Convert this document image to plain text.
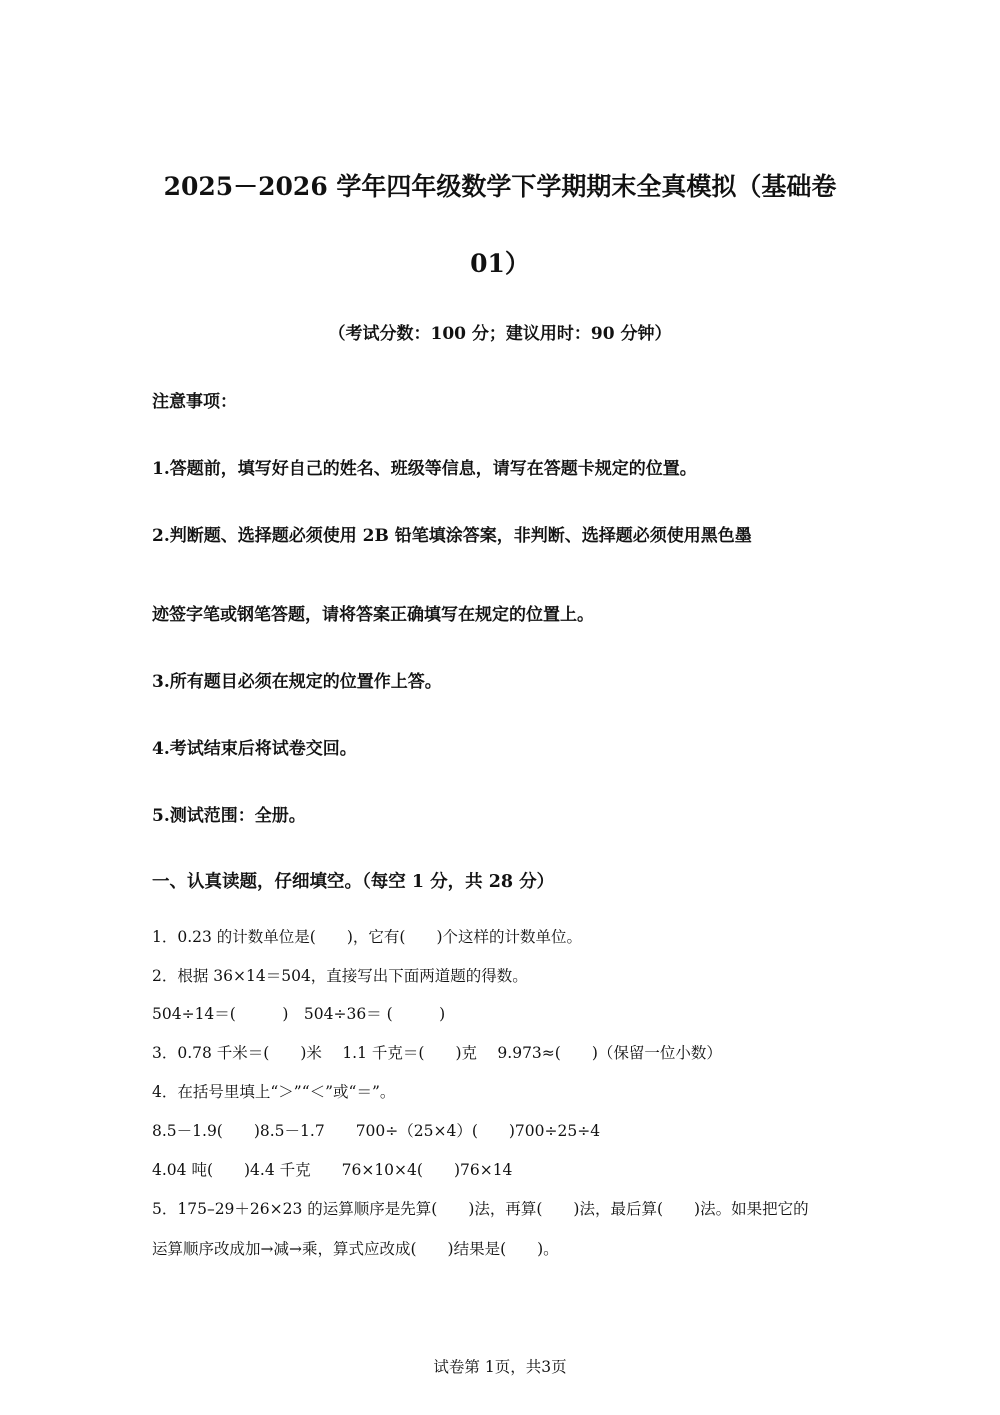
2025－2026 学年四年级数学下学期期末全真模拟（基础卷
01）
（考试分数：100 分；建议用时：90 分钟）
注意事项：
1.答题前，填写好自己的姓名、班级等信息，请写在答题卡规定的位置。
2.判断题、选择题必须使用 2B 铅笔填涂答案，非判断、选择题必须使用黑色墨
迹签字笔或钢笔答题，请将答案正确填写在规定的位置上。
3.所有题目必须在规定的位置作上答。
4.考试结束后将试卷交回。
5.测试范围：全册。
一、认真读题，仔细填空。（每空 1 分，共 28 分）
1．0.23 的计数单位是(　　)，它有(　　)个这样的计数单位。
2．根据 36×14＝504，直接写出下面两道题的得数。
504÷14＝(　　　)　504÷36＝ (　　　)
3．0.78 千米＝(　　)米　 1.1 千克＝(　　)克　 9.973≈(　　)（保留一位小数）
4．在括号里填上“＞”“＜”或“＝”。
8.5－1.9(　　)8.5－1.7　　700÷（25×4）(　　)700÷25÷4
4.04 吨(　　)4.4 千克　　76×10×4(　　)76×14
5．175–29＋26×23 的运算顺序是先算(　　)法，再算(　　)法，最后算(　　)法。如果把它的
运算顺序改成加→减→乘，算式应改成(　　)结果是(　　)。
试卷第 1页，共3页
